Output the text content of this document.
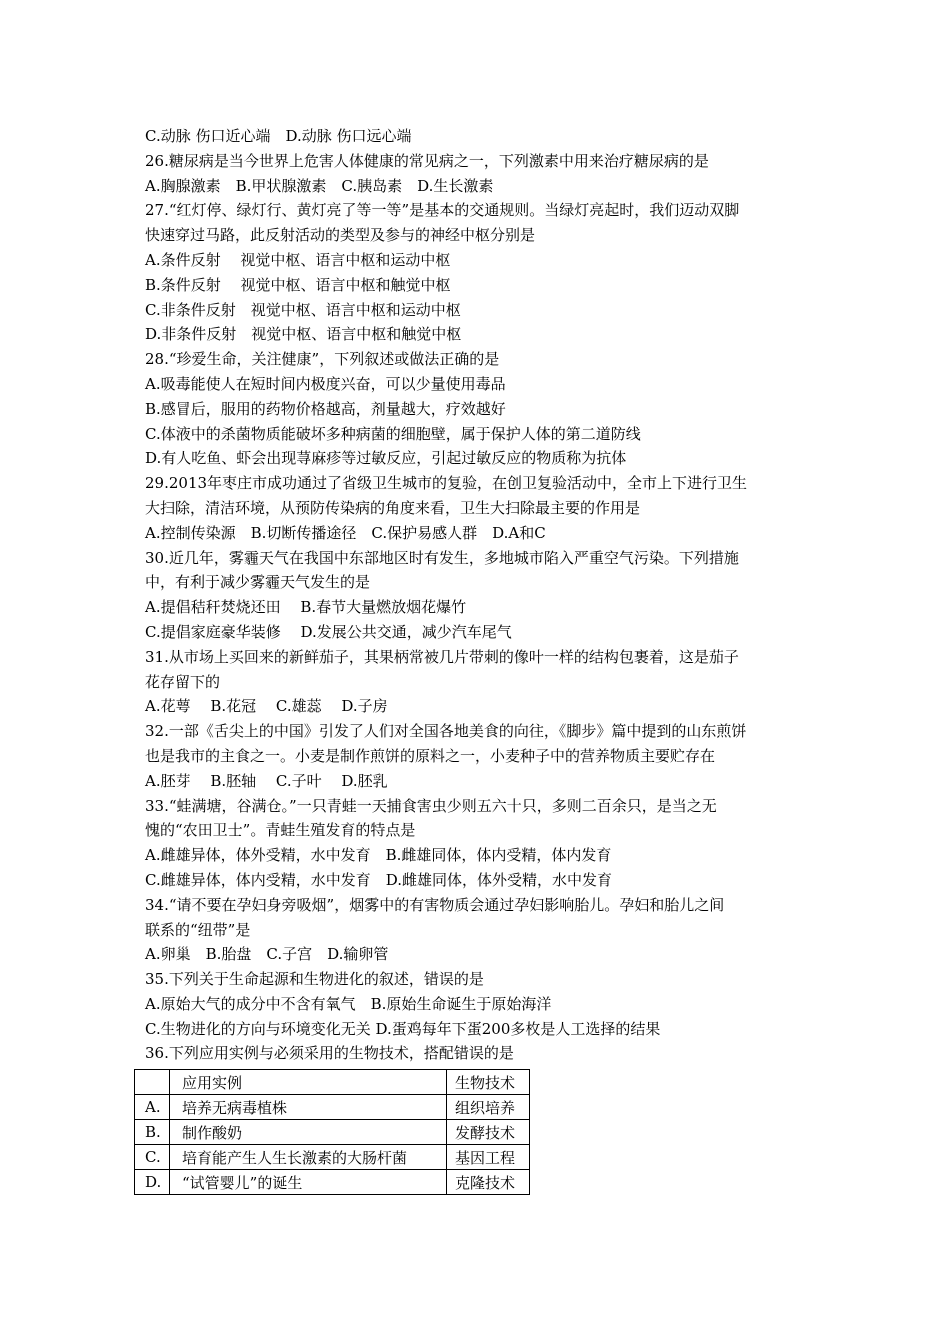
C.动脉 伤口近心端　D.动脉 伤口远心端
26.糖尿病是当今世界上危害人体健康的常见病之一，下列激素中用来治疗糖尿病的是
A.胸腺激素　B.甲状腺激素　C.胰岛素　D.生长激素
27.“红灯停、绿灯行、黄灯亮了等一等”是基本的交通规则。当绿灯亮起时，我们迈动双脚
快速穿过马路，此反射活动的类型及参与的神经中枢分别是
A.条件反射　 视觉中枢、语言中枢和运动中枢
B.条件反射　 视觉中枢、语言中枢和触觉中枢
C.非条件反射　视觉中枢、语言中枢和运动中枢
D.非条件反射　视觉中枢、语言中枢和触觉中枢
28.“珍爱生命，关注健康”，下列叙述或做法正确的是
A.吸毒能使人在短时间内极度兴奋，可以少量使用毒品
B.感冒后，服用的药物价格越高，剂量越大，疗效越好
C.体液中的杀菌物质能破坏多种病菌的细胞壁，属于保护人体的第二道防线
D.有人吃鱼、虾会出现荨麻疹等过敏反应，引起过敏反应的物质称为抗体
29.2013年枣庄市成功通过了省级卫生城市的复验，在创卫复验活动中，全市上下进行卫生
大扫除，清洁环境，从预防传染病的角度来看，卫生大扫除最主要的作用是
A.控制传染源　B.切断传播途径　C.保护易感人群　D.A和C
30.近几年，雾霾天气在我国中东部地区时有发生，多地城市陷入严重空气污染。下列措施
中，有利于减少雾霾天气发生的是
A.提倡秸秆焚烧还田　 B.春节大量燃放烟花爆竹
C.提倡家庭豪华装修　 D.发展公共交通，减少汽车尾气
31.从市场上买回来的新鲜茄子，其果柄常被几片带刺的像叶一样的结构包裹着，这是茄子
花存留下的
A.花萼　 B.花冠　 C.雄蕊　 D.子房
32.一部《舌尖上的中国》引发了人们对全国各地美食的向往，《脚步》篇中提到的山东煎饼
也是我市的主食之一。小麦是制作煎饼的原料之一，小麦种子中的营养物质主要贮存在
A.胚芽　 B.胚轴　 C.子叶　 D.胚乳
33.“蛙满塘，谷满仓。”一只青蛙一天捕食害虫少则五六十只，多则二百余只，是当之无
愧的“农田卫士”。青蛙生殖发育的特点是
A.雌雄异体，体外受精，水中发育　B.雌雄同体，体内受精，体内发育
C.雌雄异体，体内受精，水中发育　D.雌雄同体，体外受精，水中发育
34.“请不要在孕妇身旁吸烟”，烟雾中的有害物质会通过孕妇影响胎儿。孕妇和胎儿之间
联系的“纽带”是
A.卵巢　B.胎盘　C.子宫　D.输卵管
35.下列关于生命起源和生物进化的叙述，错误的是
A.原始大气的成分中不含有氧气　B.原始生命诞生于原始海洋
C.生物进化的方向与环境变化无关 D.蛋鸡每年下蛋200多枚是人工选择的结果
36.下列应用实例与必须采用的生物技术，搭配错误的是
	应用实例	生物技术
A.	培养无病毒植株	组织培养
B.	制作酸奶	发酵技术
C.	培育能产生人生长激素的大肠杆菌	基因工程
D.	“试管婴儿”的诞生	克隆技术
